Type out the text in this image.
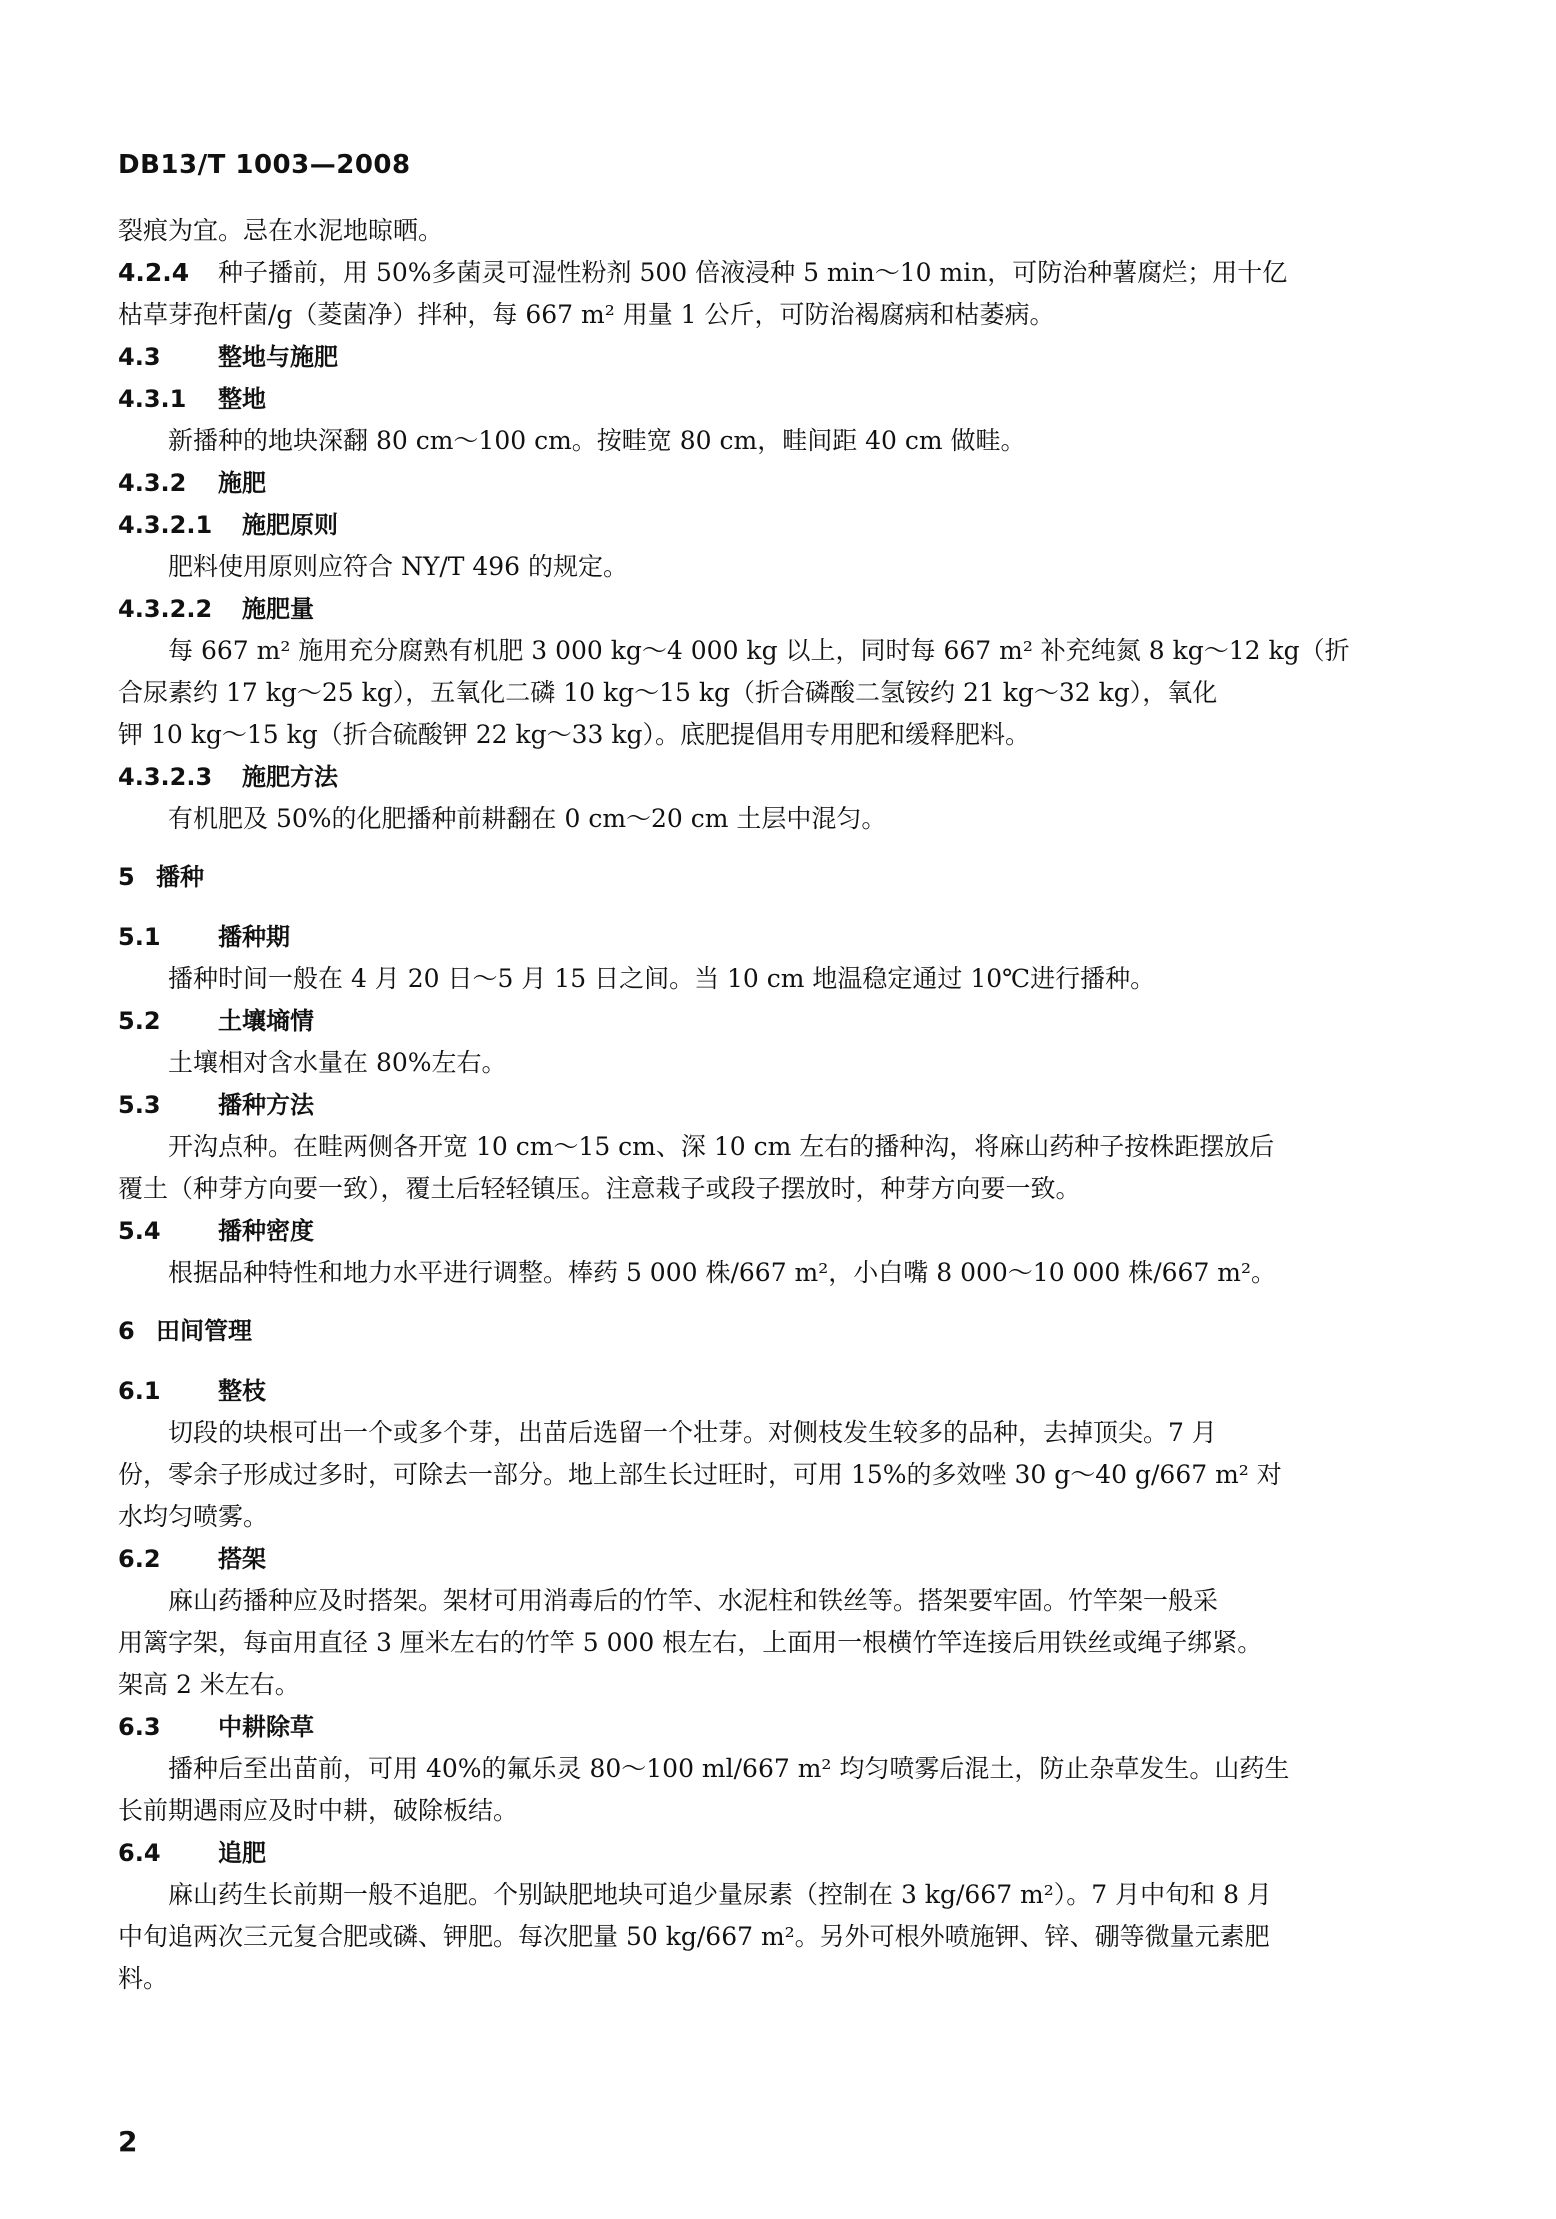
DB13/T 1003—2008
裂痕为宜。忌在水泥地晾晒。
4.2.4 种子播前，用 50%多菌灵可湿性粉剂 500 倍液浸种 5 min～10 min，可防治种薯腐烂；用十亿
枯草芽孢杆菌/g（菱菌净）拌种，每 667 m² 用量 1 公斤，可防治褐腐病和枯萎病。
4.3 整地与施肥
4.3.1 整地
新播种的地块深翻 80 cm～100 cm。按畦宽 80 cm，畦间距 40 cm 做畦。
4.3.2 施肥
4.3.2.1 施肥原则
肥料使用原则应符合 NY/T 496 的规定。
4.3.2.2 施肥量
每 667 m² 施用充分腐熟有机肥 3 000 kg～4 000 kg 以上，同时每 667 m² 补充纯氮 8 kg～12 kg（折
合尿素约 17 kg～25 kg），五氧化二磷 10 kg～15 kg（折合磷酸二氢铵约 21 kg～32 kg），氧化
钾 10 kg～15 kg（折合硫酸钾 22 kg～33 kg）。底肥提倡用专用肥和缓释肥料。
4.3.2.3 施肥方法
有机肥及 50%的化肥播种前耕翻在 0 cm～20 cm 土层中混匀。
5 播种
5.1 播种期
播种时间一般在 4 月 20 日～5 月 15 日之间。当 10 cm 地温稳定通过 10℃进行播种。
5.2 土壤墒情
土壤相对含水量在 80%左右。
5.3 播种方法
开沟点种。在畦两侧各开宽 10 cm～15 cm、深 10 cm 左右的播种沟，将麻山药种子按株距摆放后
覆土（种芽方向要一致），覆土后轻轻镇压。注意栽子或段子摆放时，种芽方向要一致。
5.4 播种密度
根据品种特性和地力水平进行调整。棒药 5 000 株/667 m²，小白嘴 8 000～10 000 株/667 m²。
6 田间管理
6.1 整枝
切段的块根可出一个或多个芽，出苗后选留一个壮芽。对侧枝发生较多的品种，去掉顶尖。7 月
份，零余子形成过多时，可除去一部分。地上部生长过旺时，可用 15%的多效唑 30 g～40 g/667 m² 对
水均匀喷雾。
6.2 搭架
麻山药播种应及时搭架。架材可用消毒后的竹竿、水泥柱和铁丝等。搭架要牢固。竹竿架一般采
用篱字架，每亩用直径 3 厘米左右的竹竿 5 000 根左右，上面用一根横竹竿连接后用铁丝或绳子绑紧。
架高 2 米左右。
6.3 中耕除草
播种后至出苗前，可用 40%的氟乐灵 80～100 ml/667 m² 均匀喷雾后混土，防止杂草发生。山药生
长前期遇雨应及时中耕，破除板结。
6.4 追肥
麻山药生长前期一般不追肥。个别缺肥地块可追少量尿素（控制在 3 kg/667 m²）。7 月中旬和 8 月
中旬追两次三元复合肥或磷、钾肥。每次肥量 50 kg/667 m²。另外可根外喷施钾、锌、硼等微量元素肥
料。
2
